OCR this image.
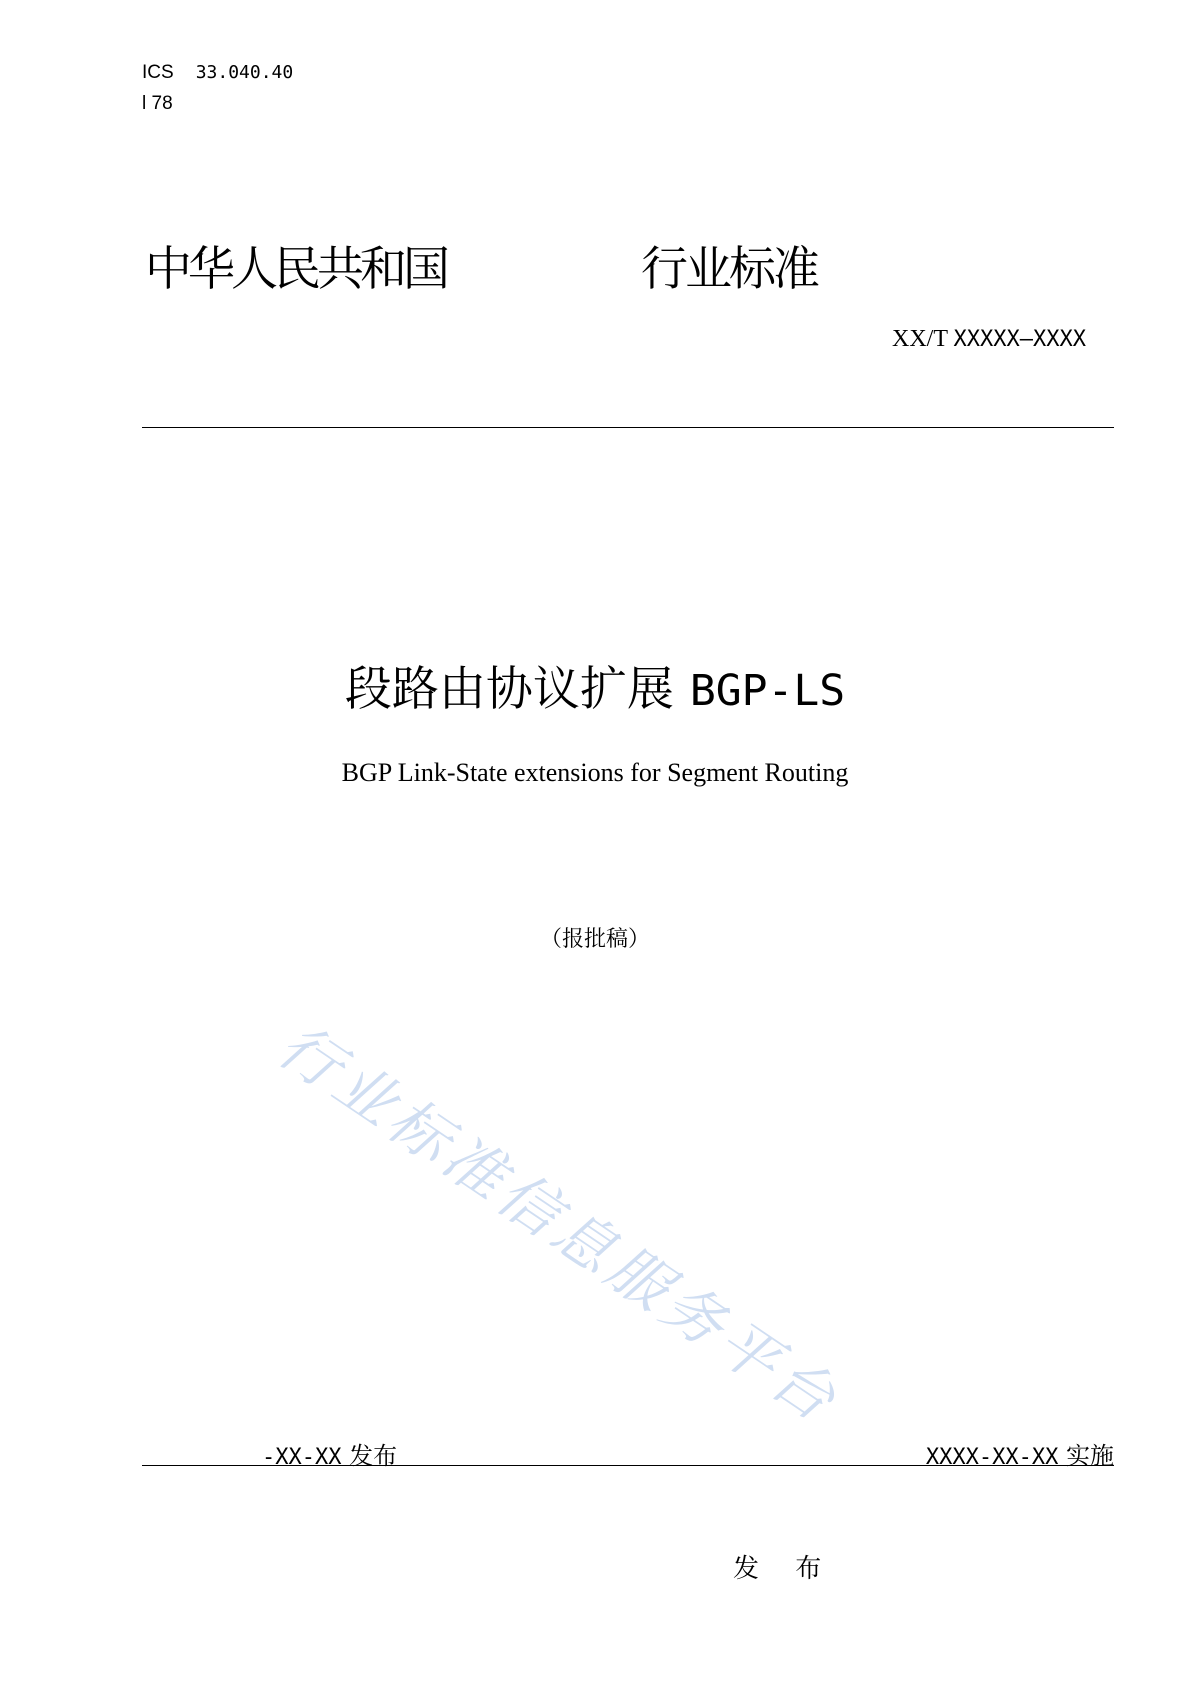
ICS 33.040.40
l 78
中华人民共和国	行业标准
XX/T XXXXX—XXXX
段路由协议扩展 BGP-LS
BGP Link-State extensions for Segment Routing
（报批稿）
行业标准信息服务平台
-XX-XX 发布	XXXX-XX-XX 实施
发 布
